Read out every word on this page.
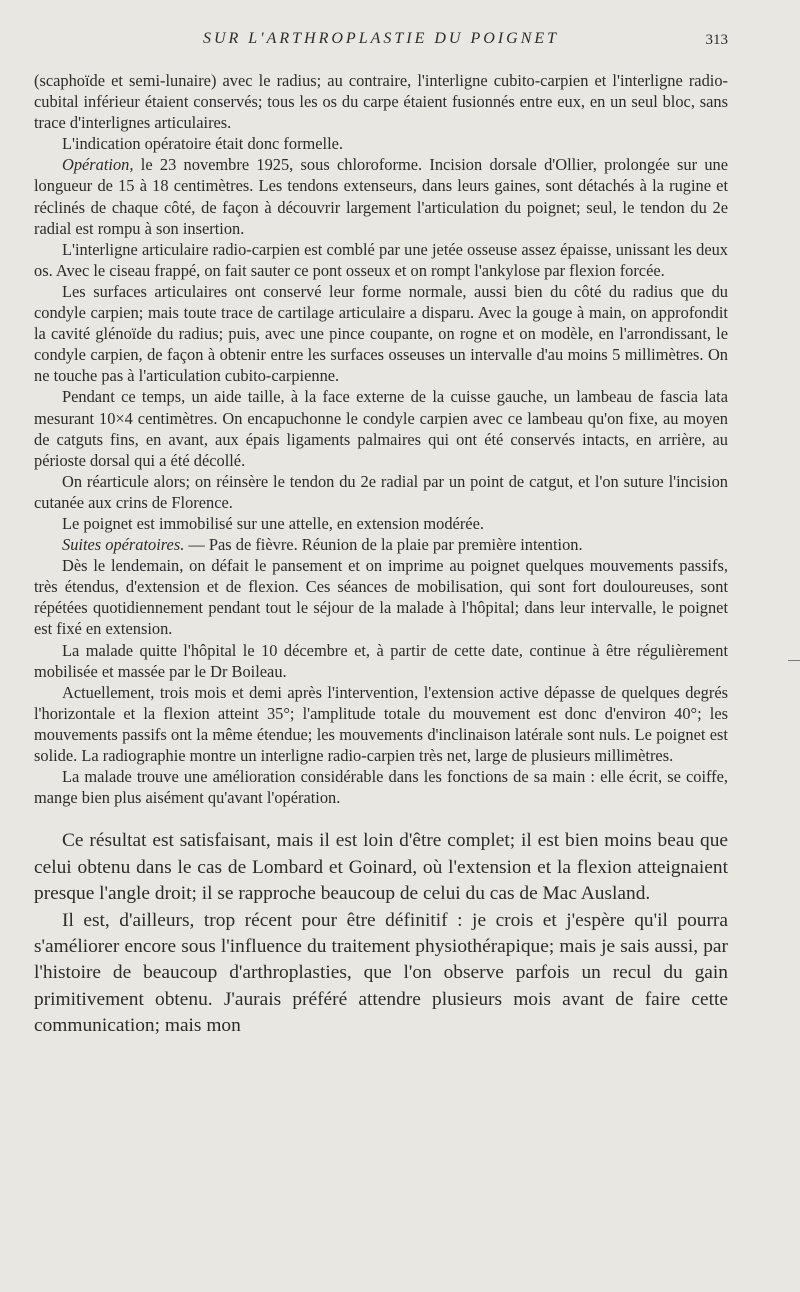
SUR L'ARTHROPLASTIE DU POIGNET	313

(scaphoïde et semi-lunaire) avec le radius; au contraire, l'interligne cubito-carpien et l'interligne radio-cubital inférieur étaient conservés; tous les os du carpe étaient fusionnés entre eux, en un seul bloc, sans trace d'interlignes articulaires.

L'indication opératoire était donc formelle.

Opération, le 23 novembre 1925, sous chloroforme. Incision dorsale d'Ollier, prolongée sur une longueur de 15 à 18 centimètres. Les tendons extenseurs, dans leurs gaines, sont détachés à la rugine et réclinés de chaque côté, de façon à découvrir largement l'articulation du poignet; seul, le tendon du 2e radial est rompu à son insertion.

L'interligne articulaire radio-carpien est comblé par une jetée osseuse assez épaisse, unissant les deux os. Avec le ciseau frappé, on fait sauter ce pont osseux et on rompt l'ankylose par flexion forcée.

Les surfaces articulaires ont conservé leur forme normale, aussi bien du côté du radius que du condyle carpien; mais toute trace de cartilage articulaire a disparu. Avec la gouge à main, on approfondit la cavité glénoïde du radius; puis, avec une pince coupante, on rogne et on modèle, en l'arrondissant, le condyle carpien, de façon à obtenir entre les surfaces osseuses un intervalle d'au moins 5 millimètres. On ne touche pas à l'articulation cubito-carpienne.

Pendant ce temps, un aide taille, à la face externe de la cuisse gauche, un lambeau de fascia lata mesurant 10×4 centimètres. On encapuchonne le condyle carpien avec ce lambeau qu'on fixe, au moyen de catguts fins, en avant, aux épais ligaments palmaires qui ont été conservés intacts, en arrière, au périoste dorsal qui a été décollé.

On réarticule alors; on réinsère le tendon du 2e radial par un point de catgut, et l'on suture l'incision cutanée aux crins de Florence.

Le poignet est immobilisé sur une attelle, en extension modérée.

Suites opératoires. — Pas de fièvre. Réunion de la plaie par première intention.

Dès le lendemain, on défait le pansement et on imprime au poignet quelques mouvements passifs, très étendus, d'extension et de flexion. Ces séances de mobilisation, qui sont fort douloureuses, sont répétées quotidiennement pendant tout le séjour de la malade à l'hôpital; dans leur intervalle, le poignet est fixé en extension.

La malade quitte l'hôpital le 10 décembre et, à partir de cette date, continue à être régulièrement mobilisée et massée par le Dr Boileau.

Actuellement, trois mois et demi après l'intervention, l'extension active dépasse de quelques degrés l'horizontale et la flexion atteint 35°; l'amplitude totale du mouvement est donc d'environ 40°; les mouvements passifs ont la même étendue; les mouvements d'inclinaison latérale sont nuls. Le poignet est solide. La radiographie montre un interligne radio-carpien très net, large de plusieurs millimètres.

La malade trouve une amélioration considérable dans les fonctions de sa main : elle écrit, se coiffe, mange bien plus aisément qu'avant l'opération.

Ce résultat est satisfaisant, mais il est loin d'être complet; il est bien moins beau que celui obtenu dans le cas de Lombard et Goinard, où l'extension et la flexion atteignaient presque l'angle droit; il se rapproche beaucoup de celui du cas de Mac Ausland.

Il est, d'ailleurs, trop récent pour être définitif : je crois et j'espère qu'il pourra s'améliorer encore sous l'influence du traitement physiothérapique; mais je sais aussi, par l'histoire de beaucoup d'arthroplasties, que l'on observe parfois un recul du gain primitivement obtenu. J'aurais préféré attendre plusieurs mois avant de faire cette communication; mais mon
